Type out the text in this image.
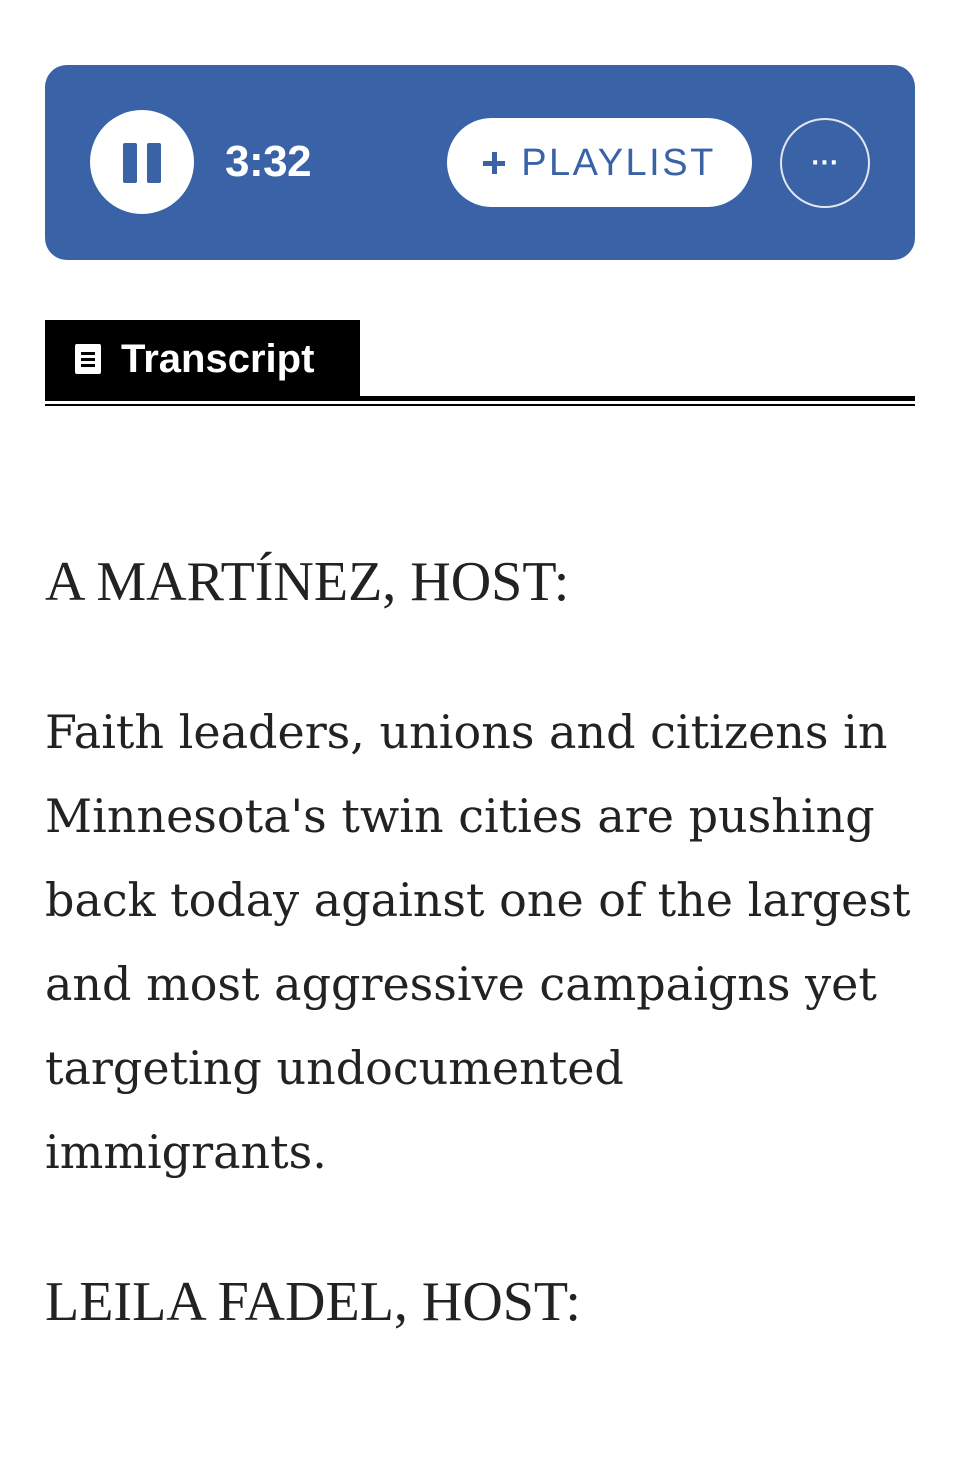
3:32	PLAYLIST	···
Transcript

A MARTÍNEZ, HOST:

Faith leaders, unions and citizens in Minnesota's twin cities are pushing back today against one of the largest and most aggressive campaigns yet targeting undocumented immigrants.

LEILA FADEL, HOST:
